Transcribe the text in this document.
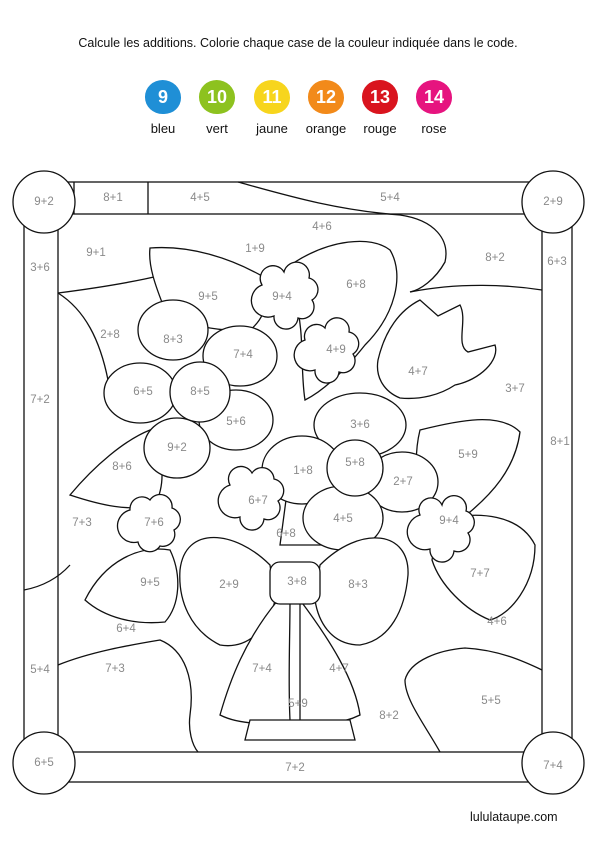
Calcule les additions. Colorie chaque case de la couleur indiquée dans le code.
9
bleu
10
vert
11
jaune
12
orange
13
rouge
14
rose
9+2	2+9
6+5	7+4
8+1	4+5	5+4
3+6
7+2
5+4
6+3
8+1
7+2
9+1	1+9
4+6
8+2
9+5	9+4
6+8
2+8	8+3
4+9
7+4
4+7
3+7
6+5	8+5
5+6
9+2
3+6
8+6	1+8
5+8
5+9
2+7
6+7
7+3	7+6	4+5
6+8
9+4
7+7
9+5	2+9	3+8	8+3
6+4
4+6
7+3	7+4	4+7
5+9
8+2
5+5
lululataupe.com
